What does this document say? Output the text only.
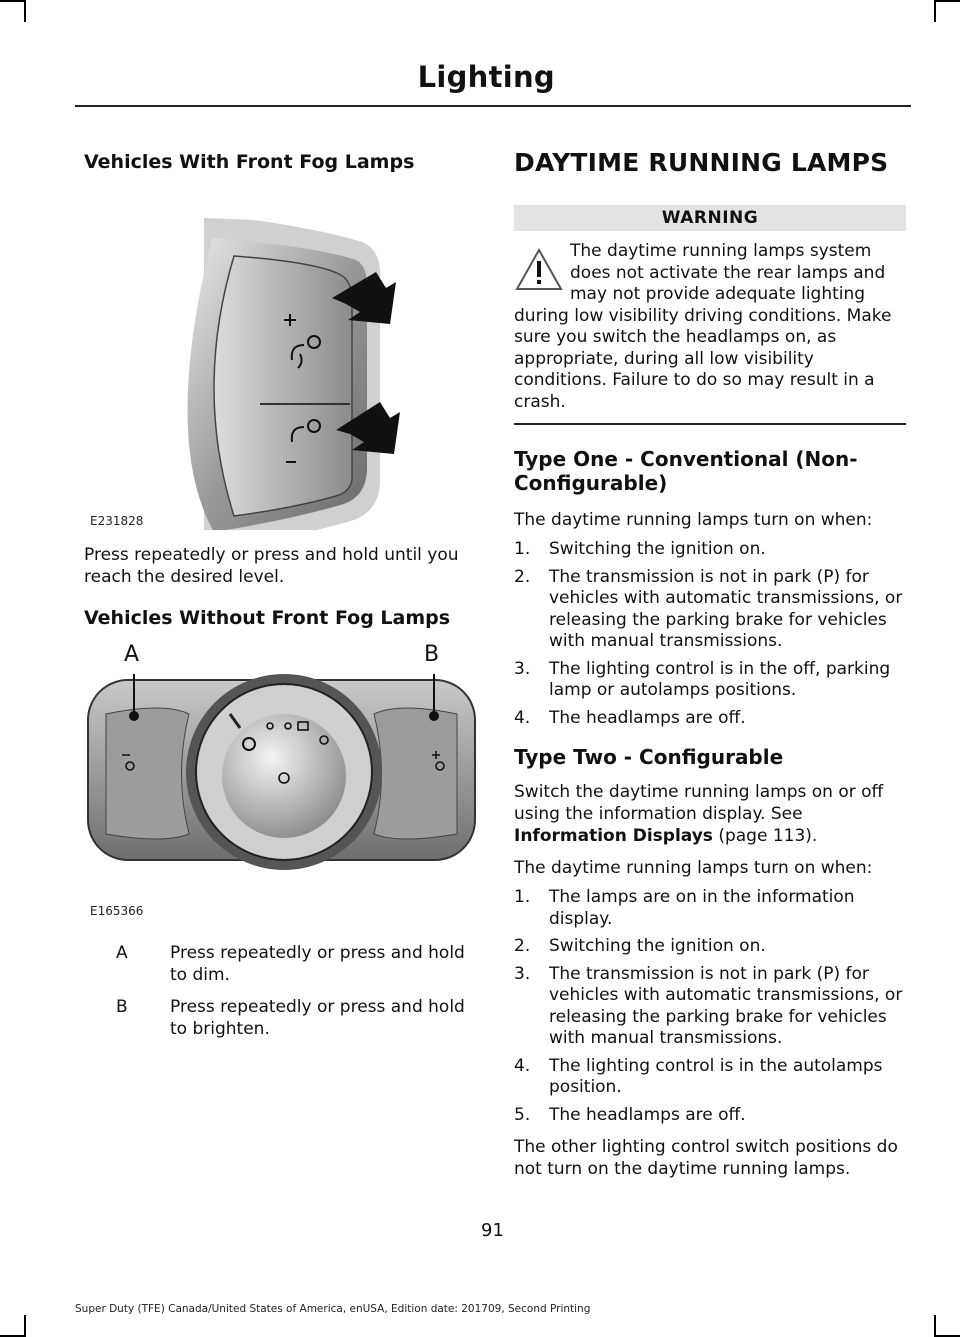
Lighting
Vehicles With Front Fog Lamps
E231828

Press repeatedly or press and hold until you reach the desired level.

Vehicles Without Front Fog Lamps
A	B
E165366
A	Press repeatedly or press and hold to dim.
B	Press repeatedly or press and hold to brighten.
DAYTIME RUNNING LAMPS
WARNING
The daytime running lamps system does not activate the rear lamps and may not provide adequate lighting during low visibility driving conditions. Make sure you switch the headlamps on, as appropriate, during all low visibility conditions. Failure to do so may result in a crash.
Type One - Conventional (Non-Configurable)

The daytime running lamps turn on when:

1. Switching the ignition on.
2. The transmission is not in park (P) for vehicles with automatic transmissions, or releasing the parking brake for vehicles with manual transmissions.
3. The lighting control is in the off, parking lamp or autolamps positions.
4. The headlamps are off.
Type Two - Configurable

Switch the daytime running lamps on or off using the information display. See Information Displays (page 113).

The daytime running lamps turn on when:

1. The lamps are on in the information display.
2. Switching the ignition on.
3. The transmission is not in park (P) for vehicles with automatic transmissions, or releasing the parking brake for vehicles with manual transmissions.
4. The lighting control is in the autolamps position.
5. The headlamps are off.

The other lighting control switch positions do not turn on the daytime running lamps.

91
Super Duty (TFE) Canada/United States of America, enUSA, Edition date: 201709, Second Printing
